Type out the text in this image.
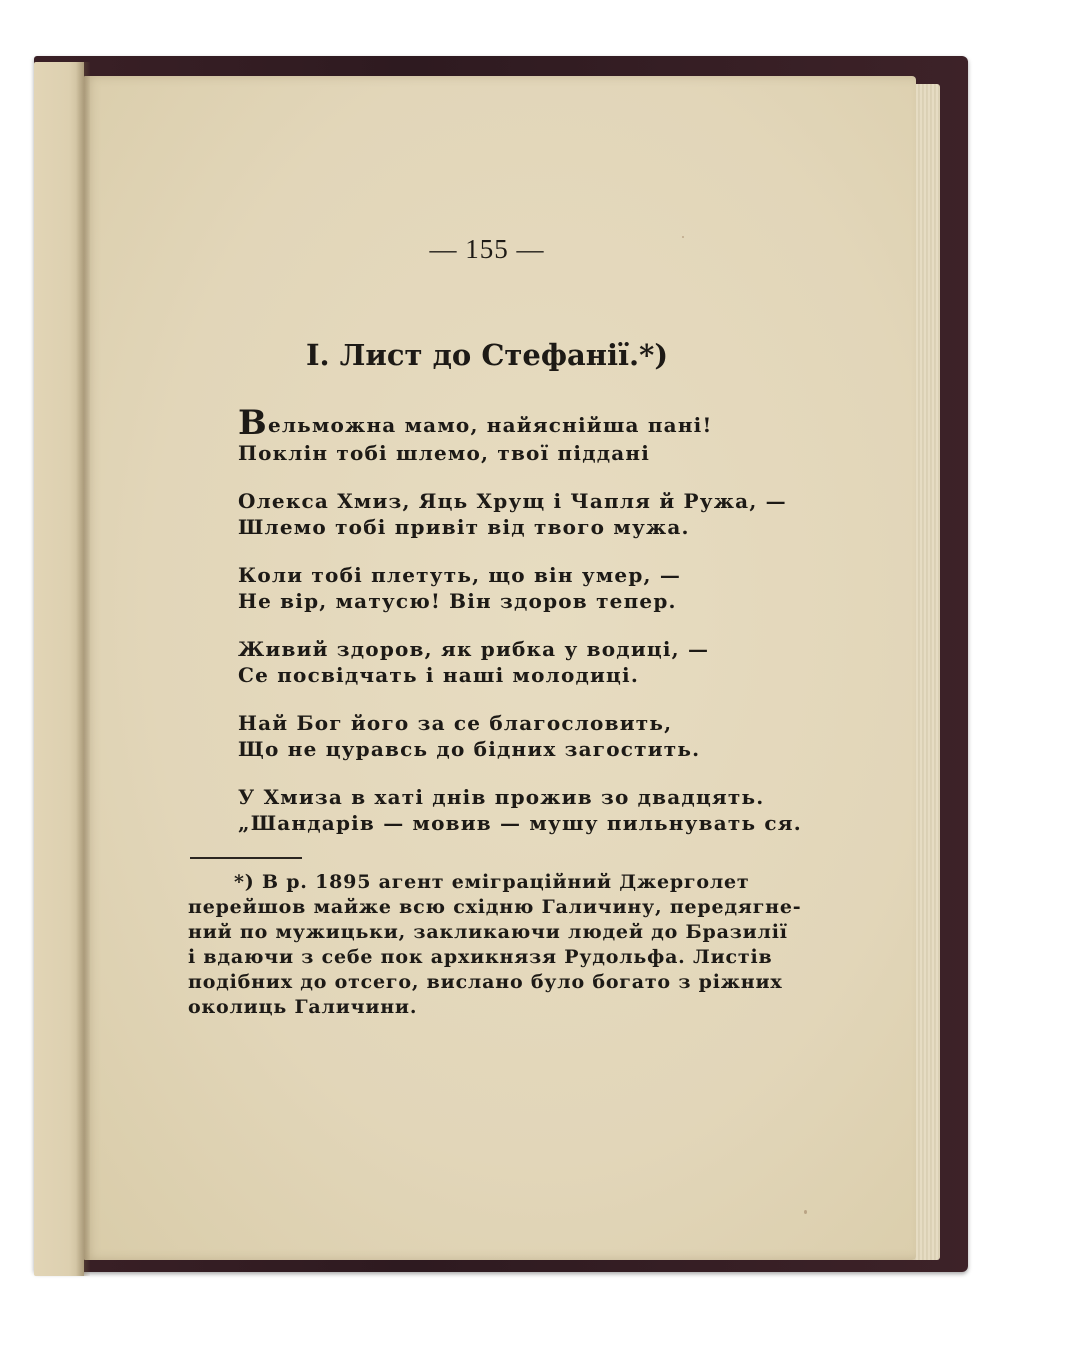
— 155 —
I. Лист до Стефанії.*)
Вельможна мамо, найяснійша пані!
Поклін тобі шлемо, твої піддані
Олекса Хмиз, Яць Хрущ і Чапля й Ружа, —
Шлемо тобі привіт від твого мужа.
Коли тобі плетуть, що він умер, —
Не вір, матусю! Він здоров тепер.
Живий здоров, як рибка у водиці, —
Се посвідчать і наші молодиці.
Най Бог його за се благословить,
Що не цуравсь до бідних загостить.
У Хмиза в хаті днів прожив зо двадцять.
„Шандарів — мовив — мушу пильнувать ся.
*) В р. 1895 агент еміграційний Джерголет
перейшов майже всю східню Галичину, передягне-
ний по мужицьки, закликаючи людей до Бразилії
і вдаючи з себе пок архикнязя Рудольфа. Листів
подібних до отсего, вислано було богато з ріжних
околиць Галичини.
